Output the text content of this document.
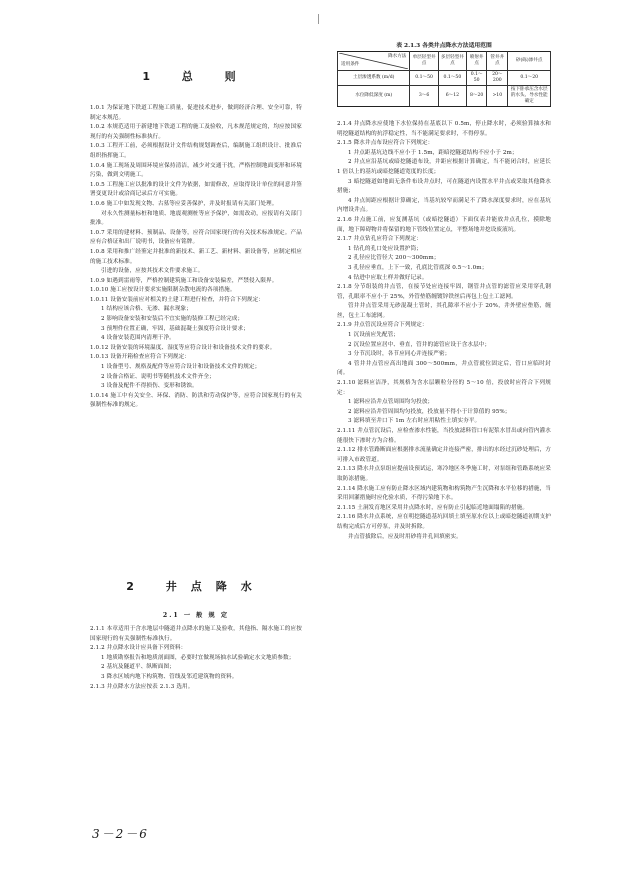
1 总 则

1.0.1 为保证地下铁道工程施工质量，促进技术进步，做到经济合理、安全可靠，特制定本规范。

1.0.2 本规范适用于新建地下铁道工程的施工及验收，凡本规范规定的，均应按国家现行的有关强制性标准执行。

1.0.3 工程开工前，必须根据设计文件结构规划调查后，编制施工组织设计、批准后组织指挥施工。

1.0.4 施工现场及周围环境应保持清洁，减少对交通干扰，严格控制地面变形和环境污染，做到文明施工。

1.0.5 工程施工应以批准的设计文件为依据，如需修改，应取得设计单位的同意并签署变更设计或洽商记录后方可实施。

1.0.6 施工中如发现文物、古墓等应妥善保护，并及时报请有关部门处理。

对永久性测量标桩和地质、地震观测桩等应予保护，如需改动，应报请有关部门批准。

1.0.7 采用的建材料、预制品、设备等，应符合国家现行的有关技术标准规定。产品应有合格证和出厂说明书，设备应有铭牌。

1.0.8 采用和推广经鉴定并批准的新技术、新工艺、新材料、新设备等，应制定相应的施工技术标准。

引进的设备，应按其技术文件要求施工。

1.0.9 如遇到雷雨等，严格控制建筑施工和设备安装偏差，严禁侵入限界。

1.0.10 施工应按设计要求实施限制杂散电流的各项措施。

1.0.11 设备安装前应对相关的土建工程进行检查，并符合下列规定：

1 结构应该合格、无渗、漏水现象；

2 影响设备安装和安装后不宜实施的装修工程已经完成；

3 预埋件位置正确，牢固，基础混凝土强度符合设计要求；

4 设备安装范围内清理干净。

1.0.12 设备安装的环境温度、湿度等应符合设计和设备技术文件的要求。

1.0.13 设备开箱检查应符合下列规定：

1 设备型号、规格及配件等应符合设计和设备技术文件的规定；

2 设备合格证、说明书等随机技术文件齐全；

3 设备及配件不得损伤、变形和锈蚀。

1.0.14 施工中有关安全、环保、消防、防洪和劳动保护等，应符合国家现行的有关强制性标准的规定。

2 井点降水
2.1 一 般 规 定

2.1.1 本章适用于含水地层中隧道井点降水的施工及验收，其他指、隔水施工的应按国家现行的有关强制性标准执行。

2.1.2 井点降水设计应具备下列资料：

1 地质勘察报告和地质剖面图，必要时宜做现场抽水试验确定水文地质参数；

2 基坑及隧道平、纵断面图；

3 降水区域内地下构筑物、管线及邻近建筑物的资料。

2.1.3 井点降水方法应按表 2.1.3 选用。

表 2.1.3 各类井点降水方法适用范围
降水方法
适用条件	单层轻型井点	多层轻型井点	喷射井点	管井井点	砂(砾)渗井点
土层渗透系数 (m/d)	0.1～50	0.1～50	0.1～50	20～200	0.1～20
水位降低深度 (m)	3～6	6～12	8～20	>10	按下卧承压含水层的水头、导水性能确定

2.1.4 井点降水应使地下水位保持在基底以下 0.5m，停止降水时，必须验算抽水和明挖隧道结构的抗浮稳定性，当不能满足要求时，不得停泵。

2.1.5 降水井点布设应符合下列规定：

1 井点距基坑边线不应小于 1.5m，距暗挖隧道结构不应小于 2m；

2 井点应沿基坑或暗挖隧道布设，井距应根据计算确定，当不能闭合时，应延长 1 倍以上的基坑或暗挖隧道宽度的长度；

3 暗挖隧道如地面无条件布设井点时，可在隧道内设置水平井点或采取其他降水措施；

4 井点间距应根据计算确定，当基坑较窄而满足不了降水深度要求时，应在基坑内增设井点。

2.1.6 井点施工前，应复测基坑（或暗挖隧道）下面仪表井能放井点孔位，摸除地面，地下障碍物并将保留的地下管线位置定点，平整场地并挖设废液坑。

2.1.7 井点钻孔应符合下列规定：

1 钻孔的孔口处应设置护筒；

2 孔径应比管径大 200～300mm；

3 孔径应垂直，上下一致，孔底比管底深 0.5～1.0m；

4 钻进中应取土样并做好记录。

2.1.8 分节组装的井点管，在接节处应连接牢固，钢管井点管的滤管应采用穿孔钢管，孔眼率不应小于 25%，外管垫筋缠镀锌铁丝后再包上包土工滤网。

管井井点管采用无砂混凝土管时，其孔隙率不应小于 20%，井外壁应垫筋，缠丝，包土工布滤网。

2.1.9 井点管沉设应符合下列规定：

1 沉设前应先配管；

2 沉设位置应居中、垂直，管井的滤管应设于含水层中；

3 分节沉设时，各节应同心并连接严密；

4 管井井点管应高出地面 300～500mm，井点管就位固定后，管口应临时封闭。

2.1.10 滤料应洁净，其规格为含水层颗粒分径的 5～10 倍，投放时应符合下列规定：

1 滤料应沿井点管周围均匀投放；

2 滤料应沿井管周围均匀投放，投放量不得小于计算值的 95%；

3 滤料填至井口下 1m 左右时应用粘性土填实夯平。

2.1.11 井点管沉设后，应检查渗水性能，当投放滤料管口有泥浆水冒出或向管内灌水能很快下渗时方为合格。

2.1.12 排水管路断面应根据排水流量确定并连接严密，排出的水经过沉砂处理后，方可排入市政管道。

2.1.13 降水井点泵组应提前设预试运，寒冷地区冬季施工时，对泵组和管路系统应采取防冻措施。

2.1.14 降水施工应有防止降水区域内建筑物和构筑物产生沉降和水平位移的措施，当采用回灌措施时应化验水质，不得污染地下水。

2.1.15 土洞发育地区采用井点降水时，应有防止引起临近地面塌陷的措施。

2.1.16 降水井点系统，应在明挖隧道基坑回填土填至原水位以上或暗挖隧道初期支护结构完成后方可停泵，并及时拆除。

井点管拔除后，应及时用砂将井孔回填密实。

3－2－6
